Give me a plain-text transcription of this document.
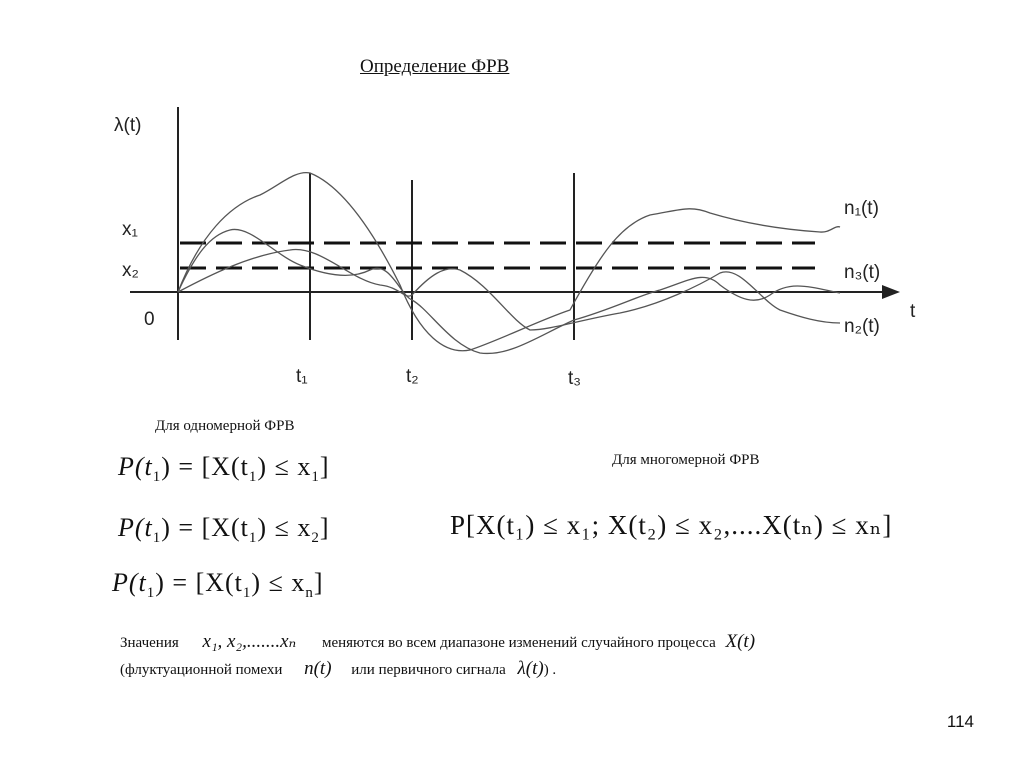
Определение ФРВ
λ(t)
t
0
x₁
x₂
t₁	t₂	t₃
n₁(t)
n₃(t)
n₂(t)
Для одномерной ФРВ
$P(t_1) = [X(t_1) \le x_1]$
$P(t_1) = [X(t_1) \le x_2]$
$P(t_1) = [X(t_1) \le x_n]$
Для многомерной ФРВ
P[X(t₁) ≤ x₁; X(t₂) ≤ x₂,....X(tₙ) ≤ xₙ]
Значения x₁, x₂,.......xₙ меняются во всем диапазоне изменений случайного процесса X(t)
(флуктуационной помехи n(t) или первичного сигнала λ(t)) .
114
